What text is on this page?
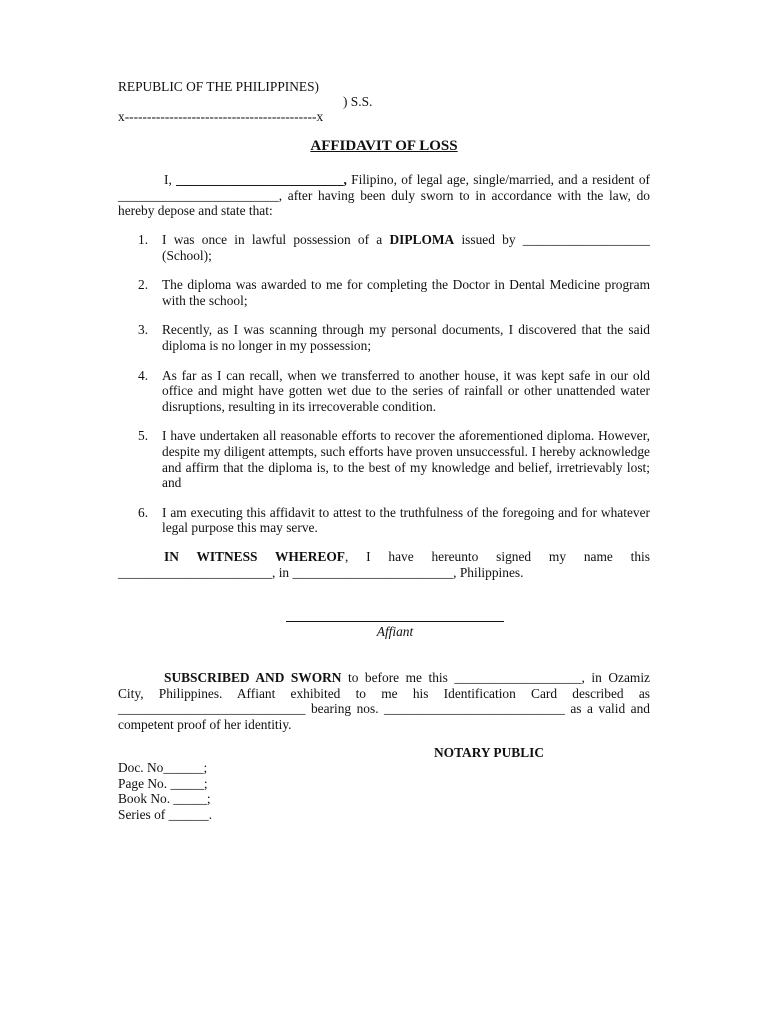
REPUBLIC OF THE PHILIPPINES)
) S.S.
x-------------------------------------------x
AFFIDAVIT OF LOSS
I, _________________________, Filipino, of legal age, single/married, and a resident of ________________________, after having been duly sworn to in accordance with the law, do hereby depose and state that:
1. I was once in lawful possession of a DIPLOMA issued by ___________________ (School);
2. The diploma was awarded to me for completing the Doctor in Dental Medicine program with the school;
3. Recently, as I was scanning through my personal documents, I discovered that the said diploma is no longer in my possession;
4. As far as I can recall, when we transferred to another house, it was kept safe in our old office and might have gotten wet due to the series of rainfall or other unattended water disruptions, resulting in its irrecoverable condition.
5. I have undertaken all reasonable efforts to recover the aforementioned diploma. However, despite my diligent attempts, such efforts have proven unsuccessful. I hereby acknowledge and affirm that the diploma is, to the best of my knowledge and belief, irretrievably lost; and
6. I am executing this affidavit to attest to the truthfulness of the foregoing and for whatever legal purpose this may serve.
IN WITNESS WHEREOF, I have hereunto signed my name this _______________________, in ________________________, Philippines.
Affiant
SUBSCRIBED AND SWORN to before me this ___________________, in Ozamiz City, Philippines. Affiant exhibited to me his Identification Card described as ____________________________ bearing nos. ___________________________ as a valid and competent proof of her identitiy.
NOTARY PUBLIC
Doc. No______;
Page No. _____;
Book No. _____;
Series of ______.
